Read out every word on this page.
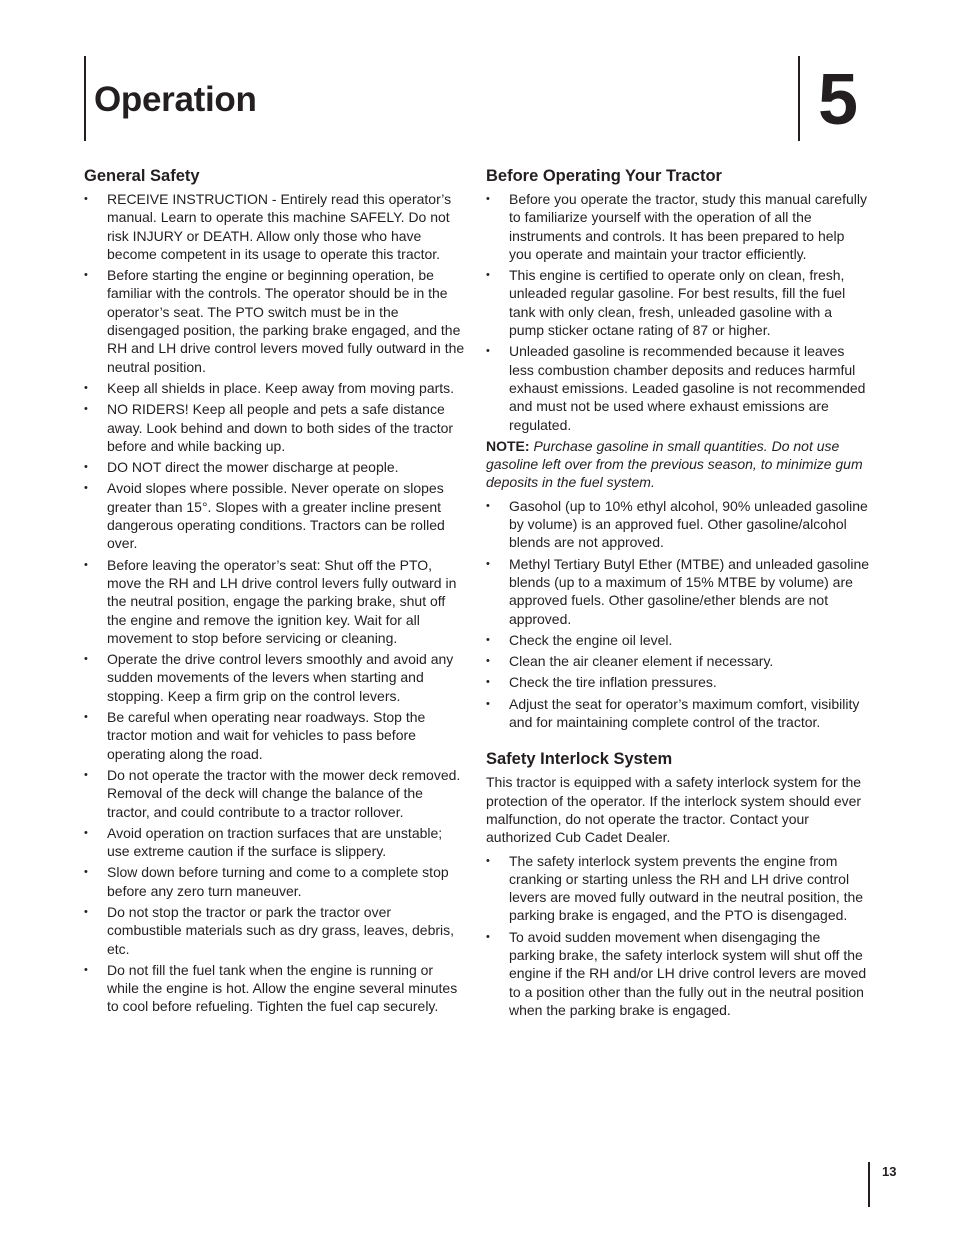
Operation	5
General Safety
• RECEIVE INSTRUCTION - Entirely read this operator’s manual. Learn to operate this machine SAFELY. Do not risk INJURY or DEATH. Allow only those who have become competent in its usage to operate this tractor.
• Before starting the engine or beginning operation, be familiar with the controls. The operator should be in the operator’s seat. The PTO switch must be in the disengaged position, the parking brake engaged, and the RH and LH drive control levers moved fully outward in the neutral position.
• Keep all shields in place. Keep away from moving parts.
• NO RIDERS! Keep all people and pets a safe distance away. Look behind and down to both sides of the tractor before and while backing up.
• DO NOT direct the mower discharge at people.
• Avoid slopes where possible. Never operate on slopes greater than 15°. Slopes with a greater incline present dangerous operating conditions. Tractors can be rolled over.
• Before leaving the operator’s seat: Shut off the PTO, move the RH and LH drive control levers fully outward in the neutral position, engage the parking brake, shut off the engine and remove the ignition key. Wait for all movement to stop before servicing or cleaning.
• Operate the drive control levers smoothly and avoid any sudden movements of the levers when starting and stopping. Keep a firm grip on the control levers.
• Be careful when operating near roadways. Stop the tractor motion and wait for vehicles to pass before operating along the road.
• Do not operate the tractor with the mower deck removed. Removal of the deck will change the balance of the tractor, and could contribute to a tractor rollover.
• Avoid operation on traction surfaces that are unstable; use extreme caution if the surface is slippery.
• Slow down before turning and come to a complete stop before any zero turn maneuver.
• Do not stop the tractor or park the tractor over combustible materials such as dry grass, leaves, debris, etc.
• Do not fill the fuel tank when the engine is running or while the engine is hot. Allow the engine several minutes to cool before refueling. Tighten the fuel cap securely.
Before Operating Your Tractor
• Before you operate the tractor, study this manual carefully to familiarize yourself with the operation of all the instruments and controls. It has been prepared to help you operate and maintain your tractor efficiently.
• This engine is certified to operate only on clean, fresh, unleaded regular gasoline. For best results, fill the fuel tank with only clean, fresh, unleaded gasoline with a pump sticker octane rating of 87 or higher.
• Unleaded gasoline is recommended because it leaves less combustion chamber deposits and reduces harmful exhaust emissions. Leaded gasoline is not recommended and must not be used where exhaust emissions are regulated.

NOTE: Purchase gasoline in small quantities. Do not use gasoline left over from the previous season, to minimize gum deposits in the fuel system.

• Gasohol (up to 10% ethyl alcohol, 90% unleaded gasoline by volume) is an approved fuel. Other gasoline/alcohol blends are not approved.
• Methyl Tertiary Butyl Ether (MTBE) and unleaded gasoline blends (up to a maximum of 15% MTBE by volume) are approved fuels. Other gasoline/ether blends are not approved.
• Check the engine oil level.
• Clean the air cleaner element if necessary.
• Check the tire inflation pressures.
• Adjust the seat for operator’s maximum comfort, visibility and for maintaining complete control of the tractor.
Safety Interlock System

This tractor is equipped with a safety interlock system for the protection of the operator. If the interlock system should ever malfunction, do not operate the tractor. Contact your authorized Cub Cadet Dealer.

• The safety interlock system prevents the engine from cranking or starting unless the RH and LH drive control levers are moved fully outward in the neutral position, the parking brake is engaged, and the PTO is disengaged.
• To avoid sudden movement when disengaging the parking brake, the safety interlock system will shut off the engine if the RH and/or LH drive control levers are moved to a position other than the fully out in the neutral position when the parking brake is engaged.
13
